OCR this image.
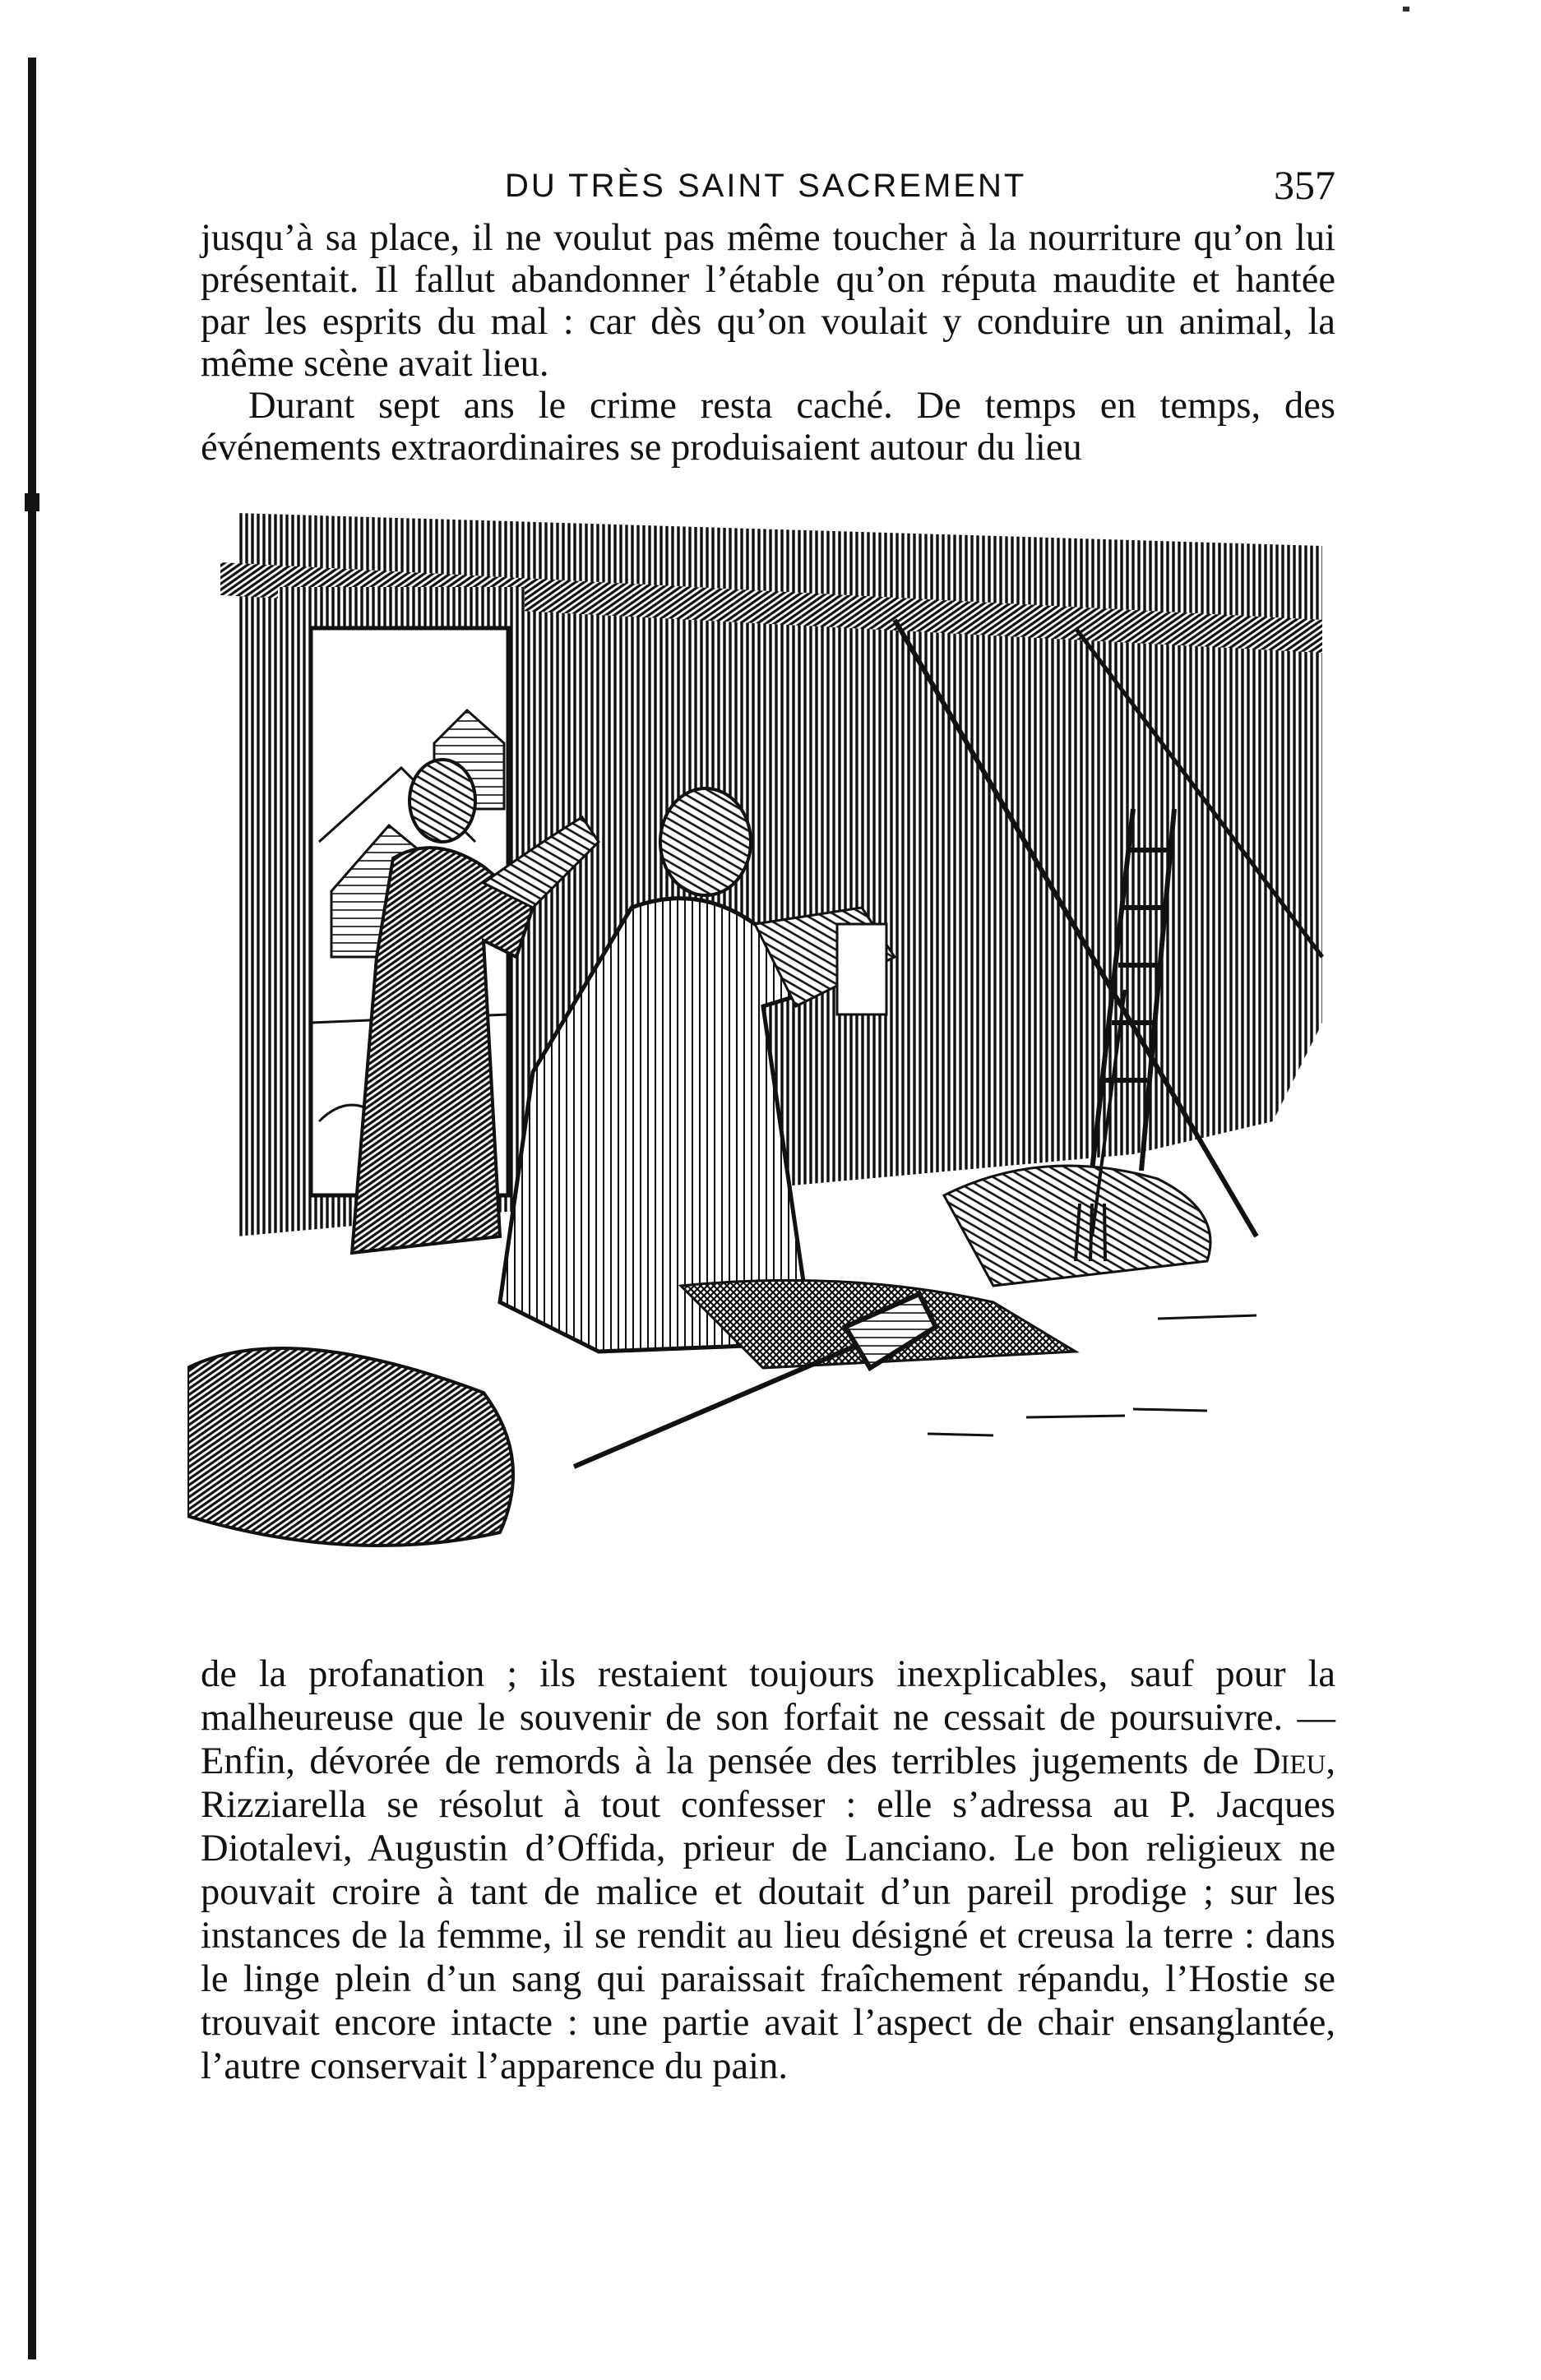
DU TRÈS SAINT SACREMENT	357

jusqu’à sa place, il ne voulut pas même toucher à la nourriture qu’on lui présentait. Il fallut abandonner l’étable qu’on réputa maudite et hantée par les esprits du mal : car dès qu’on voulait y conduire un animal, la même scène avait lieu.

Durant sept ans le crime resta caché. De temps en temps, des événements extraordinaires se produisaient autour du lieu

de la profanation ; ils restaient toujours inexplicables, sauf pour la malheureuse que le souvenir de son forfait ne cessait de poursuivre. — Enfin, dévorée de remords à la pensée des terribles jugements de Dieu, Rizziarella se résolut à tout confesser : elle s’adressa au P. Jacques Diotalevi, Augustin d’Offida, prieur de Lanciano. Le bon religieux ne pouvait croire à tant de malice et doutait d’un pareil prodige ; sur les instances de la femme, il se rendit au lieu désigné et creusa la terre : dans le linge plein d’un sang qui paraissait fraîchement répandu, l’Hostie se trouvait encore intacte : une partie avait l’aspect de chair ensanglantée, l’autre conservait l’apparence du pain.
